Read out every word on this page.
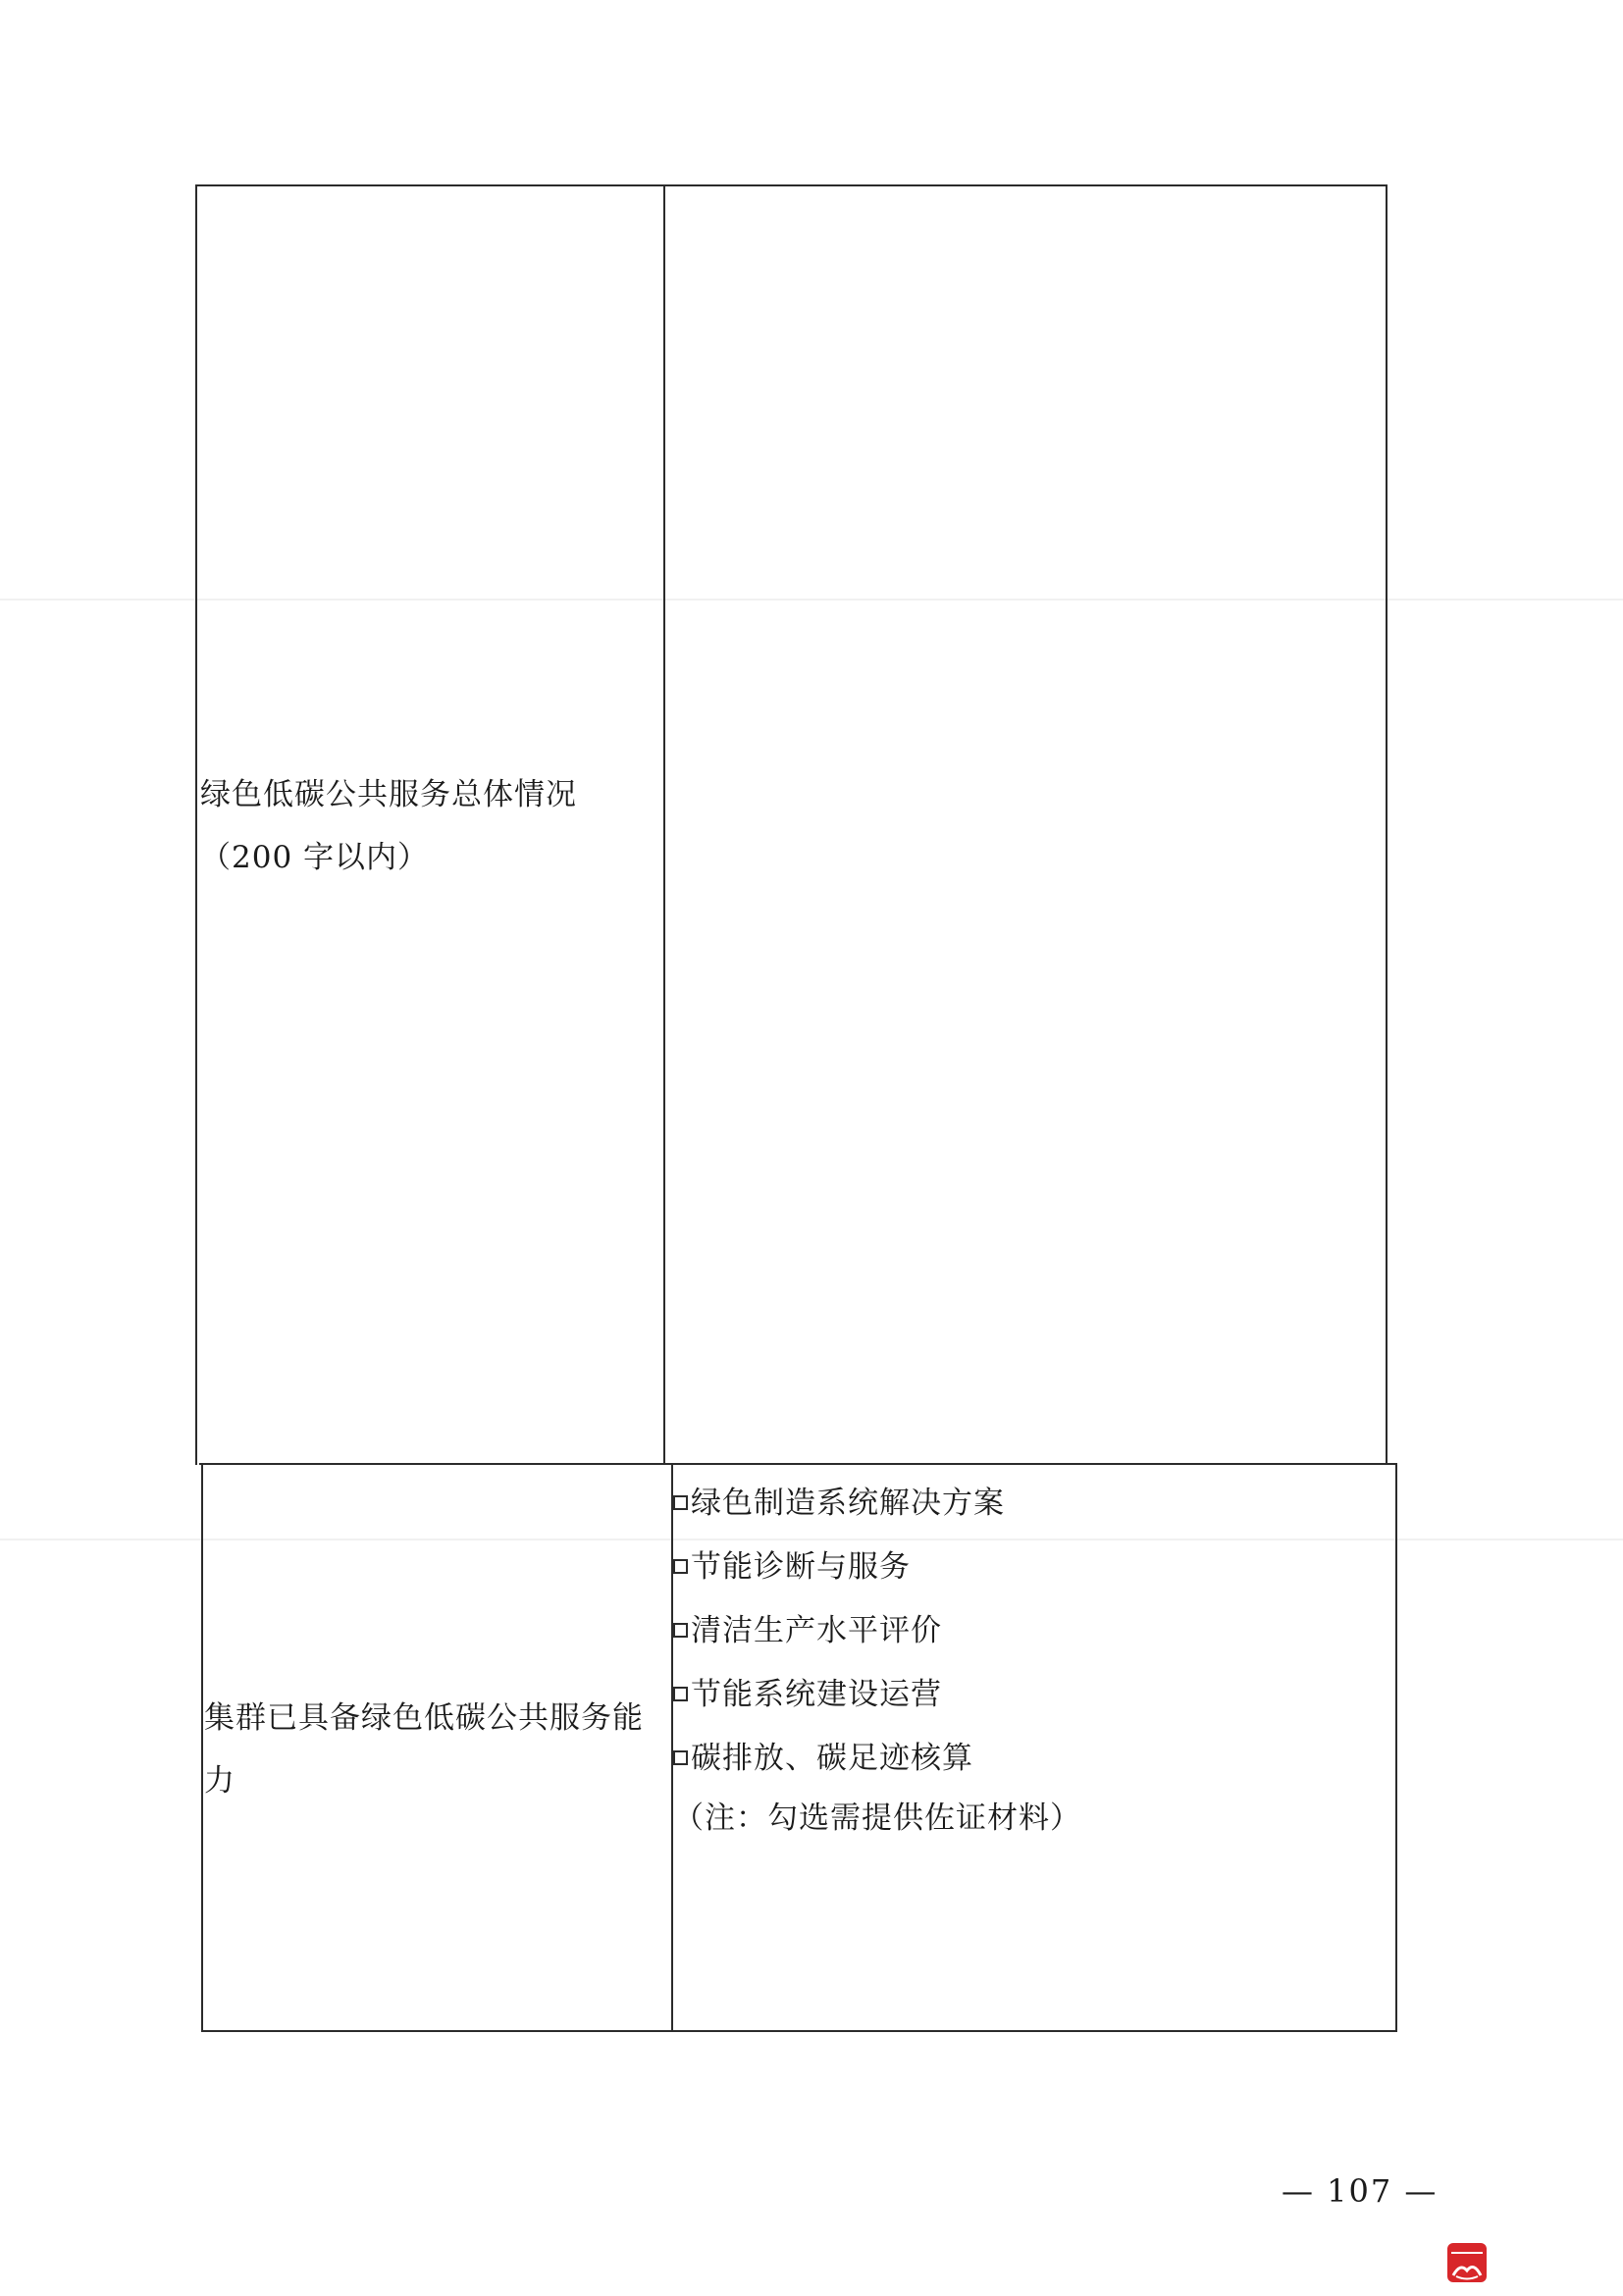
绿色低碳公共服务总体情况
（200 字以内）
集群已具备绿色低碳公共服务能
力
绿色制造系统解决方案
节能诊断与服务
清洁生产水平评价
节能系统建设运营
碳排放、碳足迹核算
（注：勾选需提供佐证材料）
— 107 —
